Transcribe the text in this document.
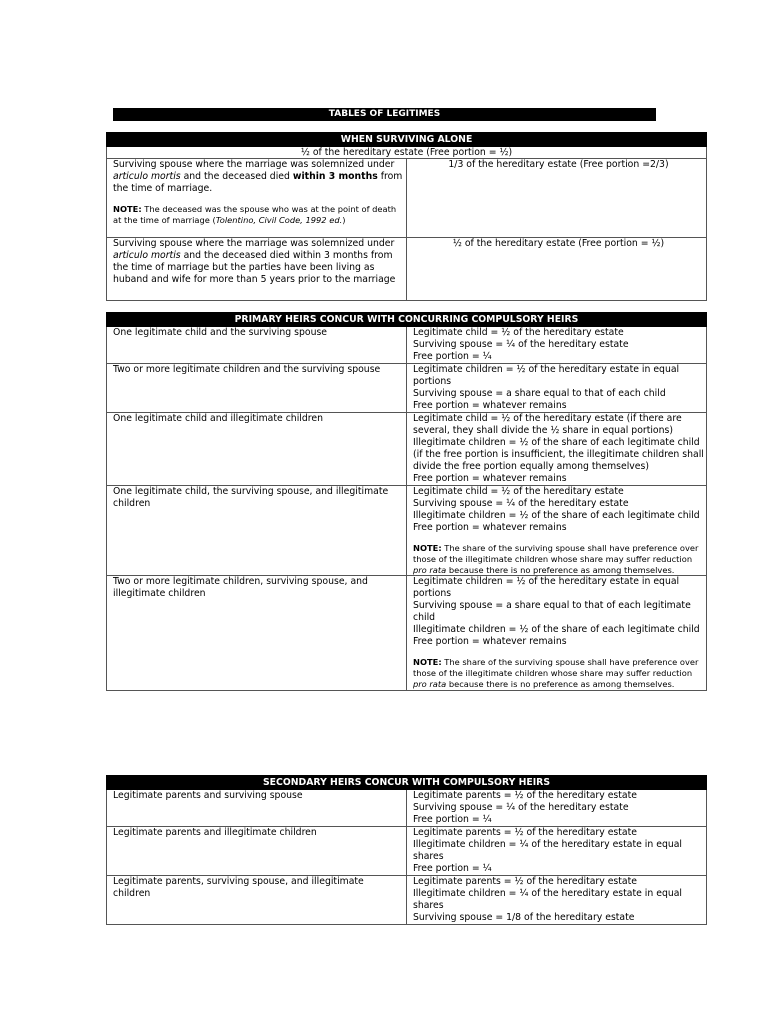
TABLES OF LEGITIMES
WHEN SURVIVING ALONE	
½ of the hereditary estate (Free portion = ½)	
Surviving spouse where the marriage was solemnized under articulo mortis and the deceased died within 3 months from the time of marriage.
NOTE: The deceased was the spouse who was at the point of death at the time of marriage (Tolentino, Civil Code, 1992 ed.)	1/3 of the hereditary estate (Free portion =2/3)
Surviving spouse where the marriage was solemnized under articulo mortis and the deceased died within 3 months from the time of marriage but the parties have been living as huband and wife for more than 5 years prior to the marriage	½ of the hereditary estate (Free portion = ½)
PRIMARY HEIRS CONCUR WITH CONCURRING COMPULSORY HEIRS	
One legitimate child and the surviving spouse	Legitimate child = ½ of the hereditary estate
Surviving spouse = ¼ of the hereditary estate
Free portion = ¼

Two or more legitimate children and the surviving spouse	Legitimate children = ½ of the hereditary estate in equal portions
Surviving spouse = a share equal to that of each child
Free portion = whatever remains

One legitimate child and illegitimate children	Legitimate child = ½ of the hereditary estate (if there are several, they shall divide the ½ share in equal portions)
Illegitimate children = ½ of the share of each legitimate child (if the free portion is insufficient, the illegitimate children shall divide the free portion equally among themselves)
Free portion = whatever remains

One legitimate child, the surviving spouse, and illegitimate children	Legitimate child = ½ of the hereditary estate
Surviving spouse = ¼ of the hereditary estate
Illegitimate children = ½ of the share of each legitimate child
Free portion = whatever remains
NOTE: The share of the surviving spouse shall have preference over those of the illegitimate children whose share may suffer reduction pro rata because there is no preference as among themselves.

Two or more legitimate children, surviving spouse, and illegitimate children	Legitimate children = ½ of the hereditary estate in equal portions
Surviving spouse = a share equal to that of each legitimate child
Illegitimate children = ½ of the share of each legitimate child
Free portion = whatever remains
NOTE: The share of the surviving spouse shall have preference over those of the illegitimate children whose share may suffer reduction pro rata because there is no preference as among themselves.
SECONDARY HEIRS CONCUR WITH COMPULSORY HEIRS	
Legitimate parents and surviving spouse	Legitimate parents = ½ of the hereditary estate
Surviving spouse = ¼ of the hereditary estate
Free portion = ¼

Legitimate parents and illegitimate children	Legitimate parents = ½ of the hereditary estate
Illegitimate children = ¼ of the hereditary estate in equal shares
Free portion = ¼

Legitimate parents, surviving spouse, and illegitimate children	Legitimate parents = ½ of the hereditary estate
Illegitimate children = ¼ of the hereditary estate in equal shares
Surviving spouse = 1/8 of the hereditary estate
